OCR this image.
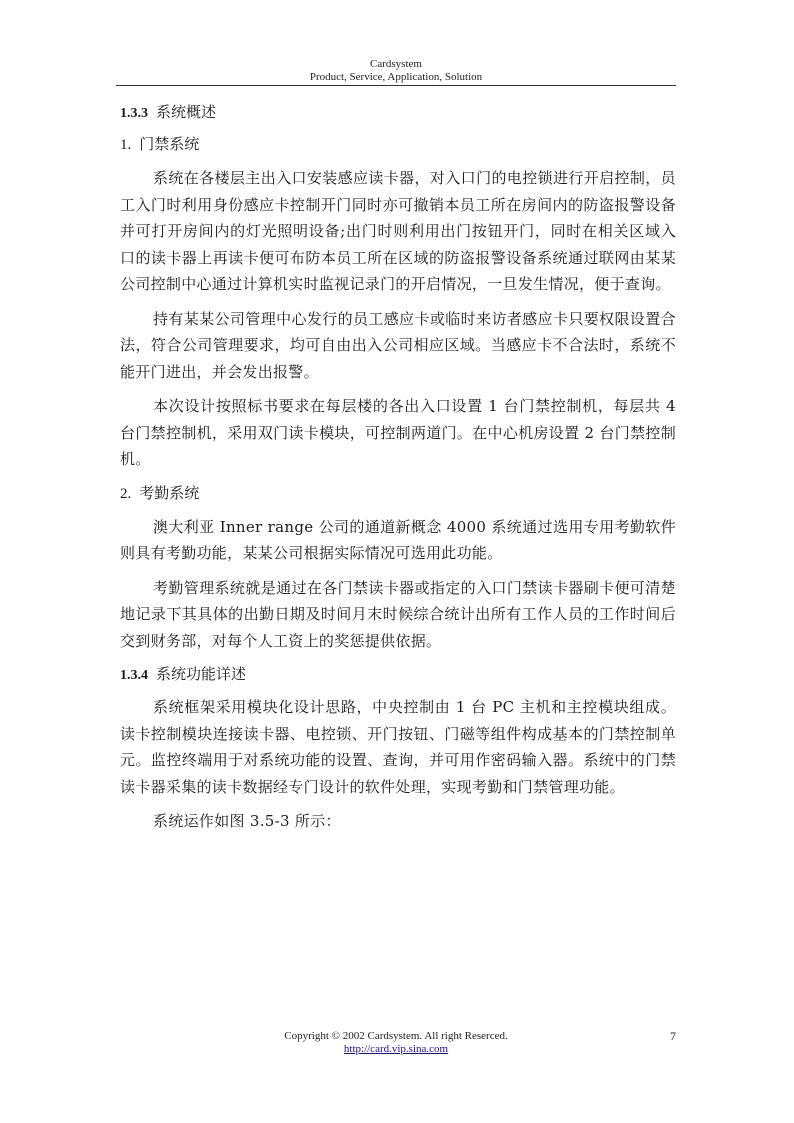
Cardsystem
Product, Service, Application, Solution
1.3.3 系统概述
1. 门禁系统

系统在各楼层主出入口安装感应读卡器，对入口门的电控锁进行开启控制，员工入门时利用身份感应卡控制开门同时亦可撤销本员工所在房间内的防盗报警设备并可打开房间内的灯光照明设备;出门时则利用出门按钮开门，同时在相关区域入口的读卡器上再读卡便可布防本员工所在区域的防盗报警设备系统通过联网由某某公司控制中心通过计算机实时监视记录门的开启情况，一旦发生情况，便于查询。

持有某某公司管理中心发行的员工感应卡或临时来访者感应卡只要权限设置合法，符合公司管理要求，均可自由出入公司相应区域。当感应卡不合法时，系统不能开门进出，并会发出报警。

本次设计按照标书要求在每层楼的各出入口设置 1 台门禁控制机，每层共 4 台门禁控制机，采用双门读卡模块，可控制两道门。在中心机房设置 2 台门禁控制机。

2. 考勤系统

澳大利亚 Inner range 公司的通道新概念 4000 系统通过选用专用考勤软件则具有考勤功能，某某公司根据实际情况可选用此功能。

考勤管理系统就是通过在各门禁读卡器或指定的入口门禁读卡器刷卡便可清楚地记录下其具体的出勤日期及时间月末时候综合统计出所有工作人员的工作时间后交到财务部，对每个人工资上的奖惩提供依据。

1.3.4 系统功能详述

系统框架采用模块化设计思路，中央控制由 1 台 PC 主机和主控模块组成。读卡控制模块连接读卡器、电控锁、开门按钮、门磁等组件构成基本的门禁控制单元。监控终端用于对系统功能的设置、查询，并可用作密码输入器。系统中的门禁读卡器采集的读卡数据经专门设计的软件处理，实现考勤和门禁管理功能。

系统运作如图 3.5-3 所示：

Copyright © 2002 Cardsystem. All right Reserced.
http://card.vip.sina.com
7
